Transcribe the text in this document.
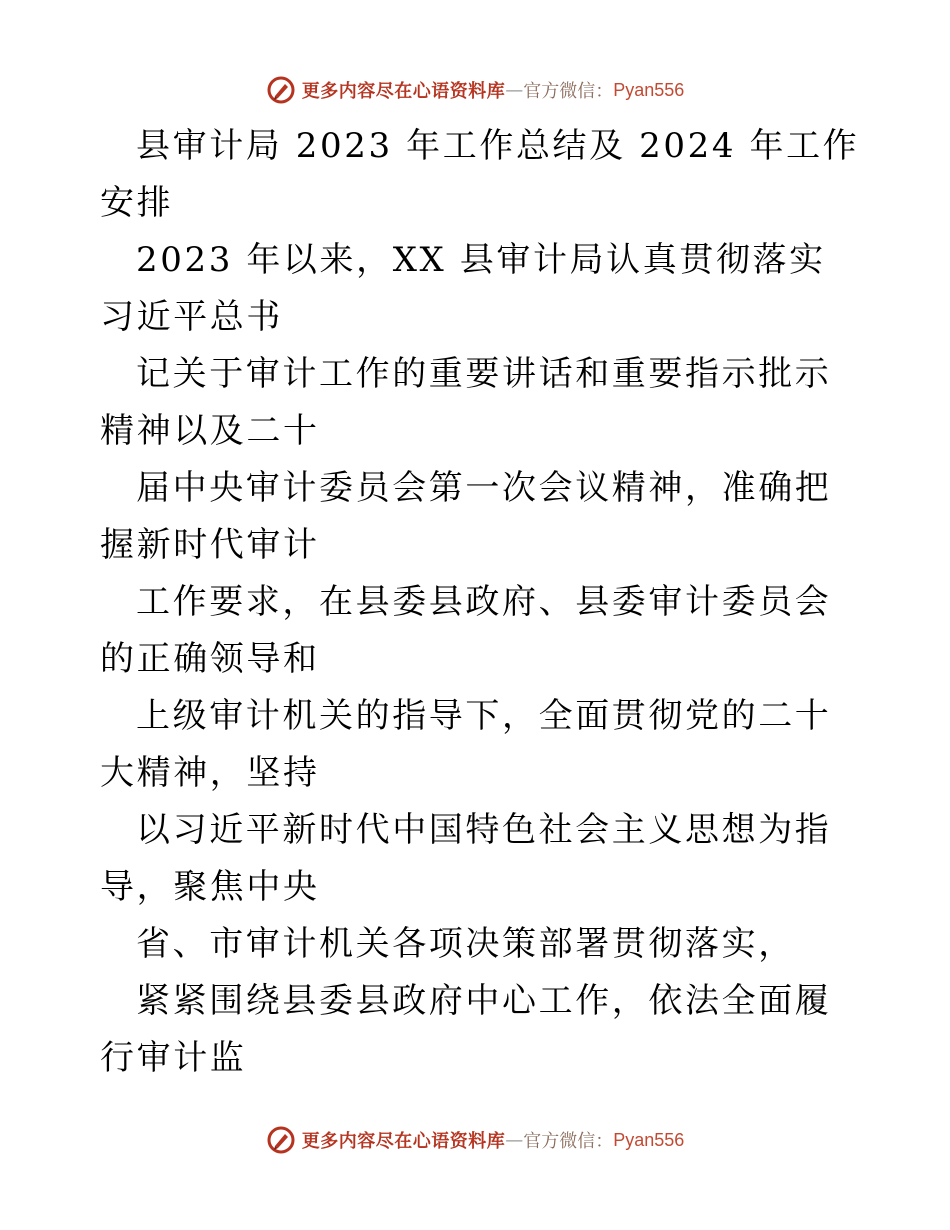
更多内容尽在心语资料库 — 官方微信： Pyan556

县审计局 2023 年工作总结及 2024 年工作安排

2023 年以来，XX 县审计局认真贯彻落实习近平总书

记关于审计工作的重要讲话和重要指示批示精神以及二十

届中央审计委员会第一次会议精神，准确把握新时代审计

工作要求，在县委县政府、县委审计委员会的正确领导和

上级审计机关的指导下，全面贯彻党的二十大精神，坚持

以习近平新时代中国特色社会主义思想为指导，聚焦中央

省、市审计机关各项决策部署贯彻落实，

紧紧围绕县委县政府中心工作，依法全面履行审计监

更多内容尽在心语资料库 — 官方微信： Pyan556
